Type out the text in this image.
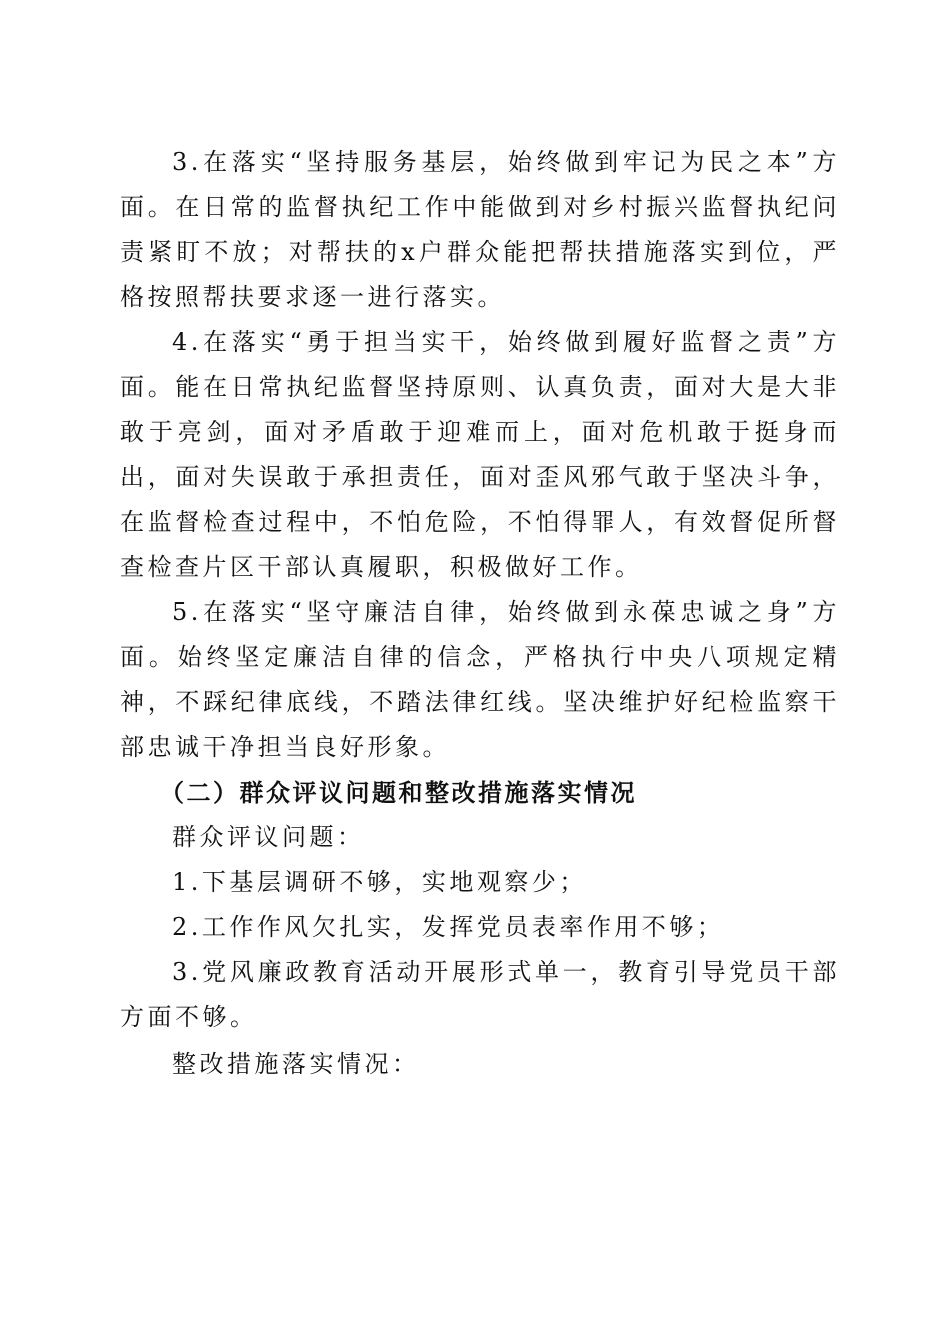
3.在落实“坚持服务基层，始终做到牢记为民之本”方面。在日常的监督执纪工作中能做到对乡村振兴监督执纪问责紧盯不放；对帮扶的x户群众能把帮扶措施落实到位，严格按照帮扶要求逐一进行落实。

4.在落实“勇于担当实干，始终做到履好监督之责”方面。能在日常执纪监督坚持原则、认真负责，面对大是大非敢于亮剑，面对矛盾敢于迎难而上，面对危机敢于挺身而出，面对失误敢于承担责任，面对歪风邪气敢于坚决斗争，在监督检查过程中，不怕危险，不怕得罪人，有效督促所督查检查片区干部认真履职，积极做好工作。

5.在落实“坚守廉洁自律，始终做到永葆忠诚之身”方面。始终坚定廉洁自律的信念，严格执行中央八项规定精神，不踩纪律底线，不踏法律红线。坚决维护好纪检监察干部忠诚干净担当良好形象。

（二）群众评议问题和整改措施落实情况

群众评议问题：

1.下基层调研不够，实地观察少；

2.工作作风欠扎实，发挥党员表率作用不够；

3.党风廉政教育活动开展形式单一，教育引导党员干部方面不够。

整改措施落实情况：
